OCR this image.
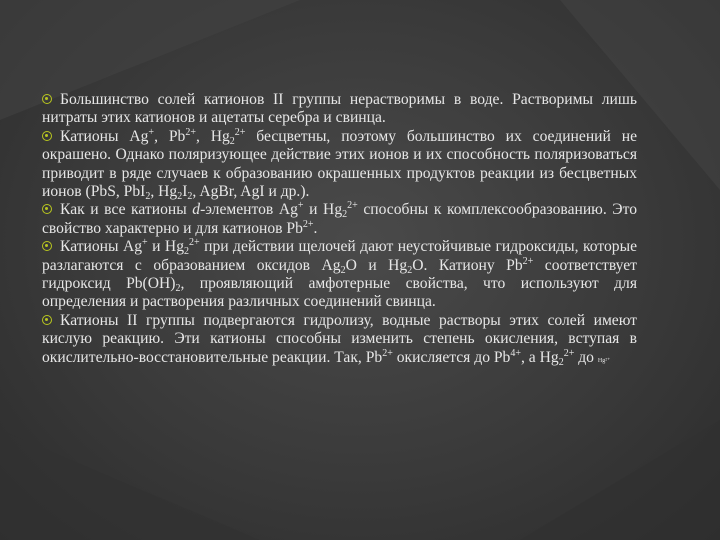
Большинство солей катионов II группы нерастворимы в воде. Растворимы лишь нитраты этих катионов и ацетаты серебра и свинца.

Катионы Ag+, $Pb^{2+}$, $Hg_2^{2+}$ бесцветны, поэтому большинство их соединений не окрашено. Однако поляризующее действие этих ионов и их способность поляризоваться приводит в ряде случаев к образованию окрашенных продуктов реакции из бесцветных ионов (PbS, PbI$_2$, $Hg_2I_2$, AgBr, AgI и др.).

Как и все катионы d-элементов Ag+ и $Hg_2^{2+}$ способны к комплексообразованию. Это свойство характерно и для катионов $Pb^{2+}$.

Катионы Ag+ и $Hg_2^{2+}$ при действии щелочей дают неустойчивые гидроксиды, которые разлагаются с образованием оксидов $Ag_2O$ и $Hg_2O$. Катиону $Pb^{2+}$ соответствует гидроксид $Pb(OH)_2$, проявляющий амфотерные свойства, что используют для определения и растворения различных соединений свинца.

Катионы II группы подвергаются гидролизу, водные растворы этих солей имеют кислую реакцию. Эти катионы способны изменить степень окисления, вступая в окислительно-восстановительные реакции. Так, $Pb^{2+}$ окисляется до $Pb^{4+}$, а $Hg_2^{2+}$ до Hg²⁺
